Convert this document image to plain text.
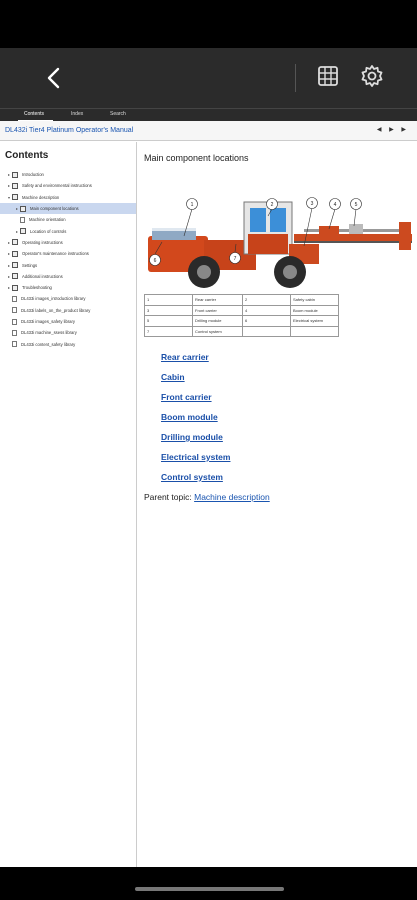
Contents	Index	Search
DL432i Tier4 Platinum Operator's Manual	◀ ▶ ▶
Contents
▸	Introduction
▸	Safety and environmental instructions
▾	Machine description
▸	Main component locations
Machine orientation
▸	Location of controls
▸	Operating instructions
▸	Operator's maintenance instructions
▸	Settings
▸	Additional instructions
▸	Troubleshooting
DL433i images_introduction library
DL433i labels_on_the_product library
DL433i images_safety library
DL433i machine_ssess library
DL433i content_safety library
Main component locations
1	2	3	4	5
6	7
1	Rear carrier	2	Safety cabin
3	Front carrier	4	Boom module
5	Drilling module	6	Electrical system
7	Control system		
Rear carrier
Cabin
Front carrier
Boom module
Drilling module
Electrical system
Control system
Parent topic: Machine description
